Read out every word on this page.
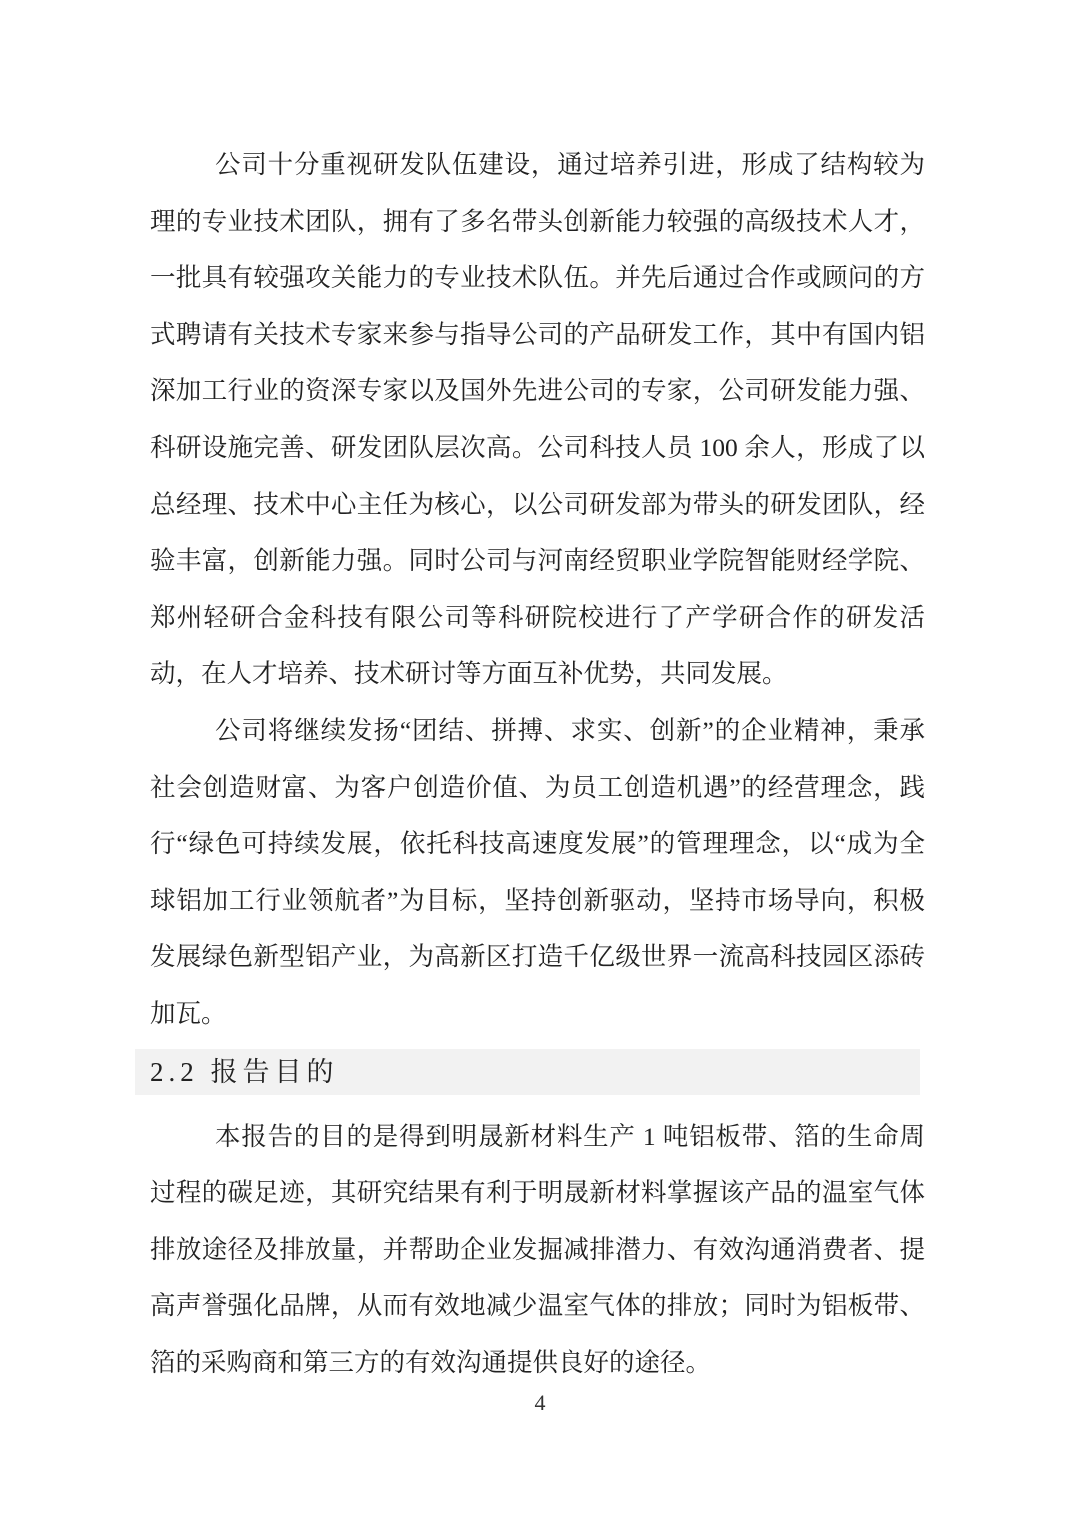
公司十分重视研发队伍建设，通过培养引进，形成了结构较为
理的专业技术团队，拥有了多名带头创新能力较强的高级技术人才，
一批具有较强攻关能力的专业技术队伍。并先后通过合作或顾问的方
式聘请有关技术专家来参与指导公司的产品研发工作，其中有国内铝
深加工行业的资深专家以及国外先进公司的专家，公司研发能力强、
科研设施完善、研发团队层次高。公司科技人员 100 余人，形成了以
总经理、技术中心主任为核心，以公司研发部为带头的研发团队，经
验丰富，创新能力强。同时公司与河南经贸职业学院智能财经学院、
郑州轻研合金科技有限公司等科研院校进行了产学研合作的研发活
动，在人才培养、技术研讨等方面互补优势，共同发展。
公司将继续发扬“团结、拼搏、求实、创新”的企业精神，秉承
社会创造财富、为客户创造价值、为员工创造机遇”的经营理念，践
行“绿色可持续发展，依托科技高速度发展”的管理理念，以“成为全
球铝加工行业领航者”为目标，坚持创新驱动，坚持市场导向，积极
发展绿色新型铝产业，为高新区打造千亿级世界一流高科技园区添砖
加瓦。
2.2 报告目的
本报告的目的是得到明晟新材料生产 1 吨铝板带、箔的生命周
过程的碳足迹，其研究结果有利于明晟新材料掌握该产品的温室气体
排放途径及排放量，并帮助企业发掘减排潜力、有效沟通消费者、提
高声誉强化品牌，从而有效地减少温室气体的排放；同时为铝板带、
箔的采购商和第三方的有效沟通提供良好的途径。
4
